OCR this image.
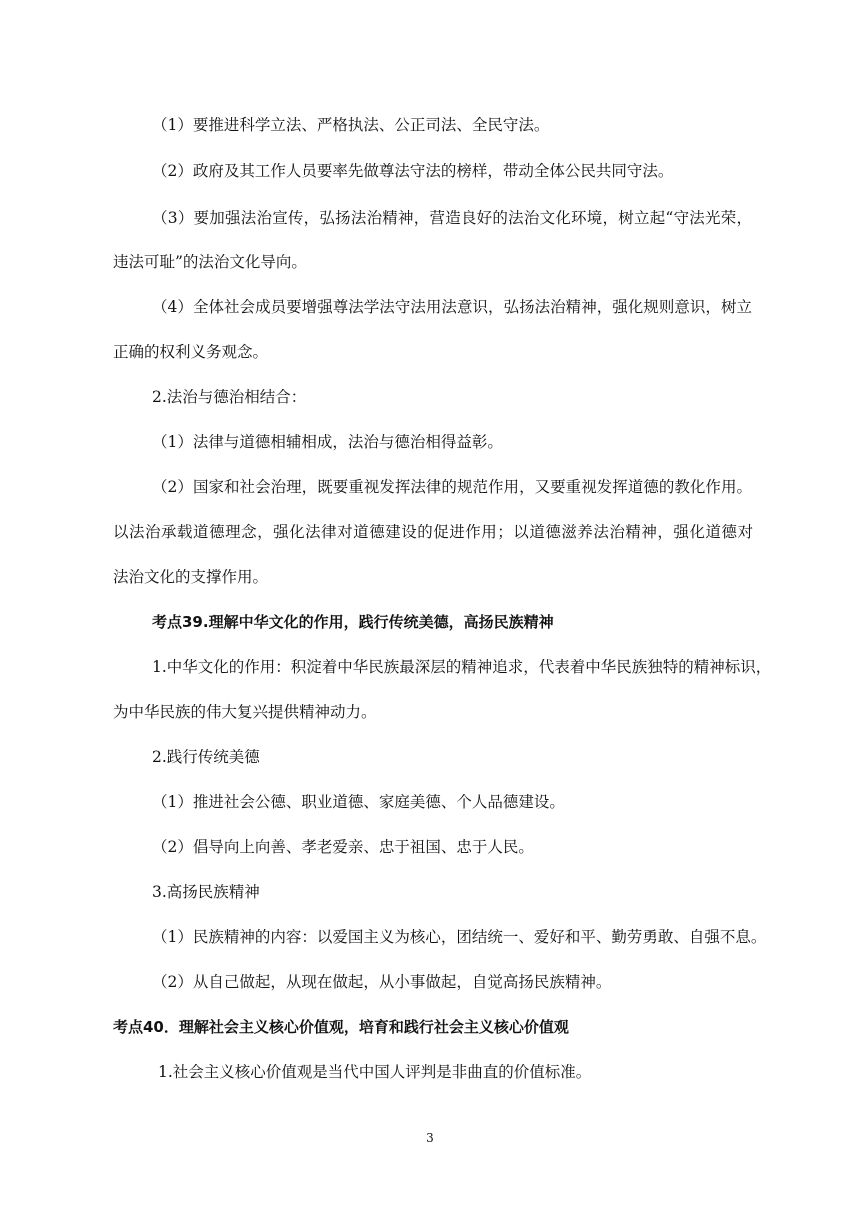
（1）要推进科学立法、严格执法、公正司法、全民守法。
（2）政府及其工作人员要率先做尊法守法的榜样，带动全体公民共同守法。
（3）要加强法治宣传，弘扬法治精神，营造良好的法治文化环境，树立起“守法光荣，
违法可耻”的法治文化导向。
（4）全体社会成员要增强尊法学法守法用法意识，弘扬法治精神，强化规则意识，树立
正确的权利义务观念。
2.法治与德治相结合：
（1）法律与道德相辅相成，法治与德治相得益彰。
（2）国家和社会治理，既要重视发挥法律的规范作用，又要重视发挥道德的教化作用。
以法治承载道德理念，强化法律对道德建设的促进作用；以道德滋养法治精神，强化道德对
法治文化的支撑作用。
考点39.理解中华文化的作用，践行传统美德，高扬民族精神
1.中华文化的作用：积淀着中华民族最深层的精神追求，代表着中华民族独特的精神标识，
为中华民族的伟大复兴提供精神动力。
2.践行传统美德
（1）推进社会公德、职业道德、家庭美德、个人品德建设。
（2）倡导向上向善、孝老爱亲、忠于祖国、忠于人民。
3.高扬民族精神
（1）民族精神的内容：以爱国主义为核心，团结统一、爱好和平、勤劳勇敢、自强不息。
（2）从自己做起，从现在做起，从小事做起，自觉高扬民族精神。
考点40．理解社会主义核心价值观，培育和践行社会主义核心价值观
1.社会主义核心价值观是当代中国人评判是非曲直的价值标准。
3
